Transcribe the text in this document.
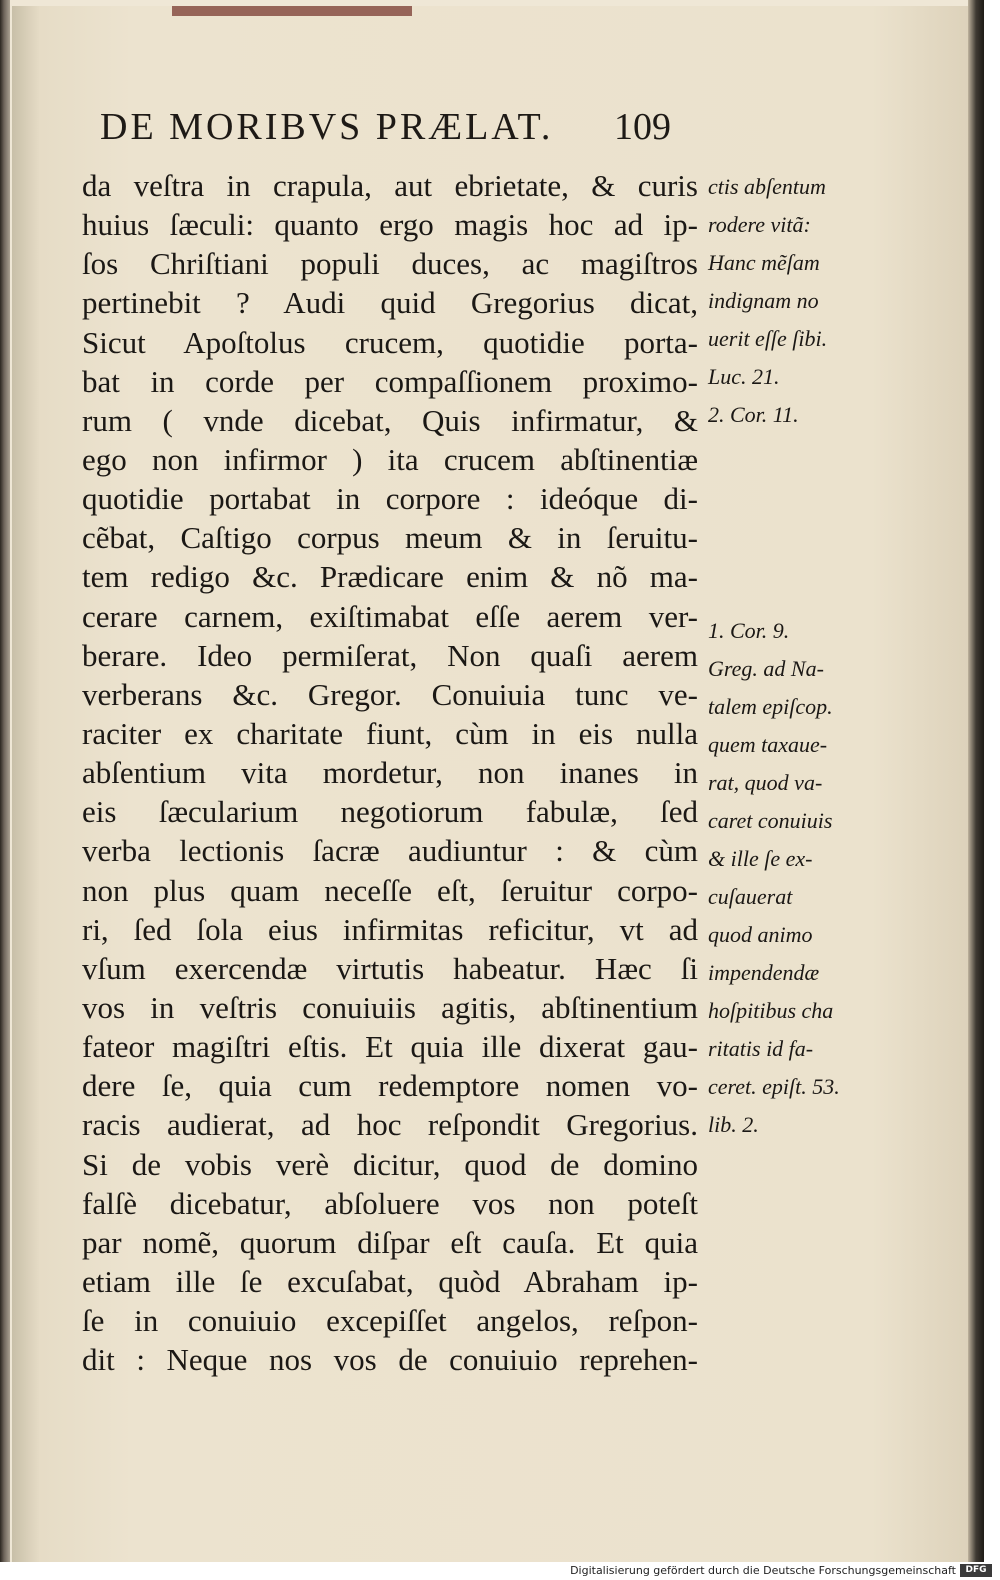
DE MORIBVS PRÆLAT.	109
da veſtra in crapula, aut ebrietate, & curis
huius ſæculi: quanto ergo magis hoc ad ip-
ſos Chriſtiani populi duces, ac magiſtros
pertinebit ? Audi quid Gregorius dicat,
Sicut Apoſtolus crucem, quotidie porta-
bat in corde per compaſſionem proximo-
rum ( vnde dicebat, Quis infirmatur, &
ego non infirmor ) ita crucem abſtinentiæ
quotidie portabat in corpore : ideóque di-
cẽbat, Caſtigo corpus meum & in ſeruitu-
tem redigo &c. Prædicare enim & nõ ma-
cerare carnem, exiſtimabat eſſe aerem ver-
berare. Ideo permiſerat, Non quaſi aerem
verberans &c. Gregor. Conuiuia tunc ve-
raciter ex charitate fiunt, cùm in eis nulla
abſentium vita mordetur, non inanes in
eis ſæcularium negotiorum fabulæ, ſed
verba lectionis ſacræ audiuntur : & cùm
non plus quam neceſſe eſt, ſeruitur corpo-
ri, ſed ſola eius infirmitas reficitur, vt ad
vſum exercendæ virtutis habeatur. Hæc ſi
vos in veſtris conuiuiis agitis, abſtinentium
fateor magiſtri eſtis. Et quia ille dixerat gau-
dere ſe, quia cum redemptore nomen vo-
racis audierat, ad hoc reſpondit Gregorius.
Si de vobis verè dicitur, quod de domino
falſè dicebatur, abſoluere vos non poteſt
par nomẽ, quorum diſpar eſt cauſa. Et quia
etiam ille ſe excuſabat, quòd Abraham ip-
ſe in conuiuio excepiſſet angelos, reſpon-
dit : Neque nos vos de conuiuio reprehen-
ctis abſentum
rodere vitã:
Hanc mẽſam
indignam no
uerit eſſe ſibi.
Luc. 21.
2. Cor. 11.
1. Cor. 9.
Greg. ad Na-
talem epiſcop.
quem taxaue-
rat, quod va-
caret conuiuis
& ille ſe ex-
cuſauerat
quod animo
impendendæ
hoſpitibus cha
ritatis id fa-
ceret. epiſt. 53.
lib. 2.
Digitalisierung gefördert durch die Deutsche Forschungsgemeinschaft	DFG
